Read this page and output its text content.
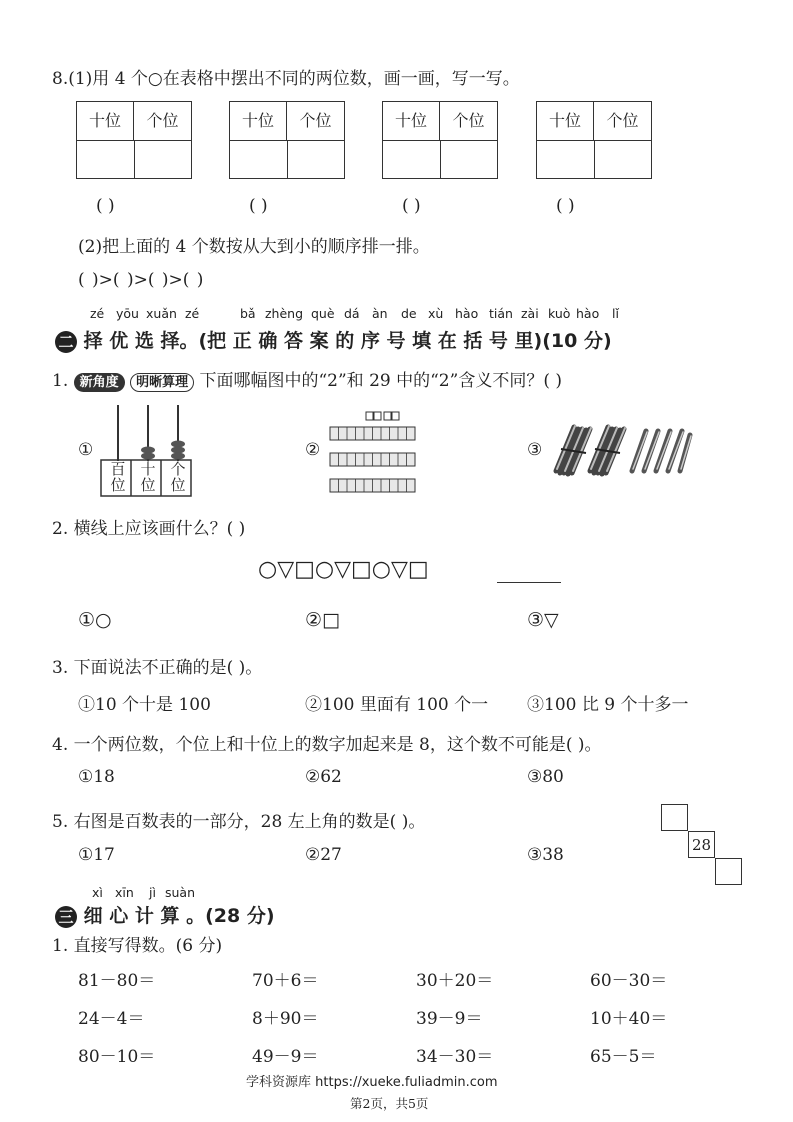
8.(1)用 4 个○在表格中摆出不同的两位数，画一画，写一写。
十位	个位	十位	个位	十位	个位	十位	个位
( )	( )	( )	( )
(2)把上面的 4 个数按从大到小的顺序排一排。
( )>( )>( )>( )
zé yōu xuǎn zé	bǎ zhèng què dá àn de xù hào tián zài kuò hào lǐ
二 择 优 选 择。(把 正 确 答 案 的 序 号 填 在 括 号 里)(10 分)
1. 新角度 明晰算理 下面哪幅图中的“2”和 29 中的“2”含义不同？( )
①
百
位
十
位
个
位
②	③
2. 横线上应该画什么？( )
○▽□○▽□○▽□
①○	②□	③▽
3. 下面说法不正确的是( )。
①10 个十是 100	②100 里面有 100 个一 ③100 比 9 个十多一
4. 一个两位数，个位上和十位上的数字加起来是 8，这个数不可能是( )。
①18	②62	③80
5. 右图是百数表的一部分，28 左上角的数是( )。
①17	②27	③38	28
xì xīn jì suàn
三 细 心 计 算 。(28 分)
1. 直接写得数。(6 分)
81－80＝	70＋6＝	30＋20＝	60－30＝
24－4＝	8＋90＝	39－9＝	10＋40＝
80－10＝	49－9＝	34－30＝	65－5＝
学科资源库 https://xueke.fuliadmin.com
第2页，共5页
